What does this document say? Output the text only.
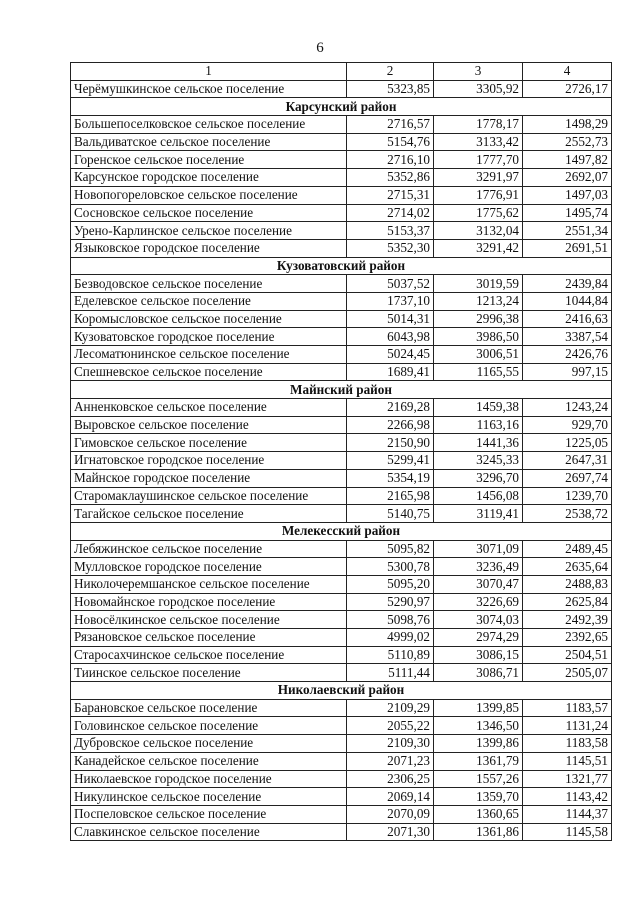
6
1	2	3	4
Черёмушкинское сельское поселение	5323,85	3305,92	2726,17
Карсунский район			
Большепоселковское сельское поселение	2716,57	1778,17	1498,29
Вальдиватское сельское поселение	5154,76	3133,42	2552,73
Горенское сельское поселение	2716,10	1777,70	1497,82
Карсунское городское поселение	5352,86	3291,97	2692,07
Новопогореловское сельское поселение	2715,31	1776,91	1497,03
Сосновское сельское поселение	2714,02	1775,62	1495,74
Урено-Карлинское сельское поселение	5153,37	3132,04	2551,34
Языковское городское поселение	5352,30	3291,42	2691,51
Кузоватовский район			
Безводовское сельское поселение	5037,52	3019,59	2439,84
Еделевское сельское поселение	1737,10	1213,24	1044,84
Коромысловское сельское поселение	5014,31	2996,38	2416,63
Кузоватовское городское поселение	6043,98	3986,50	3387,54
Лесоматюнинское сельское поселение	5024,45	3006,51	2426,76
Спешневское сельское поселение	1689,41	1165,55	997,15
Майнский район			
Анненковское сельское поселение	2169,28	1459,38	1243,24
Выровское сельское поселение	2266,98	1163,16	929,70
Гимовское сельское поселение	2150,90	1441,36	1225,05
Игнатовское городское поселение	5299,41	3245,33	2647,31
Майнское городское поселение	5354,19	3296,70	2697,74
Старомаклаушинское сельское поселение	2165,98	1456,08	1239,70
Тагайское сельское поселение	5140,75	3119,41	2538,72
Мелекесский район			
Лебяжинское сельское поселение	5095,82	3071,09	2489,45
Мулловское городское поселение	5300,78	3236,49	2635,64
Николочеремшанское сельское поселение	5095,20	3070,47	2488,83
Новомайнское городское поселение	5290,97	3226,69	2625,84
Новосёлкинское сельское поселение	5098,76	3074,03	2492,39
Рязановское сельское поселение	4999,02	2974,29	2392,65
Старосахчинское сельское поселение	5110,89	3086,15	2504,51
Тиинское сельское поселение	5111,44	3086,71	2505,07
Николаевский район			
Барановское сельское поселение	2109,29	1399,85	1183,57
Головинское сельское поселение	2055,22	1346,50	1131,24
Дубровское сельское поселение	2109,30	1399,86	1183,58
Канадейское сельское поселение	2071,23	1361,79	1145,51
Николаевское городское поселение	2306,25	1557,26	1321,77
Никулинское сельское поселение	2069,14	1359,70	1143,42
Поспеловское сельское поселение	2070,09	1360,65	1144,37
Славкинское сельское поселение	2071,30	1361,86	1145,58
